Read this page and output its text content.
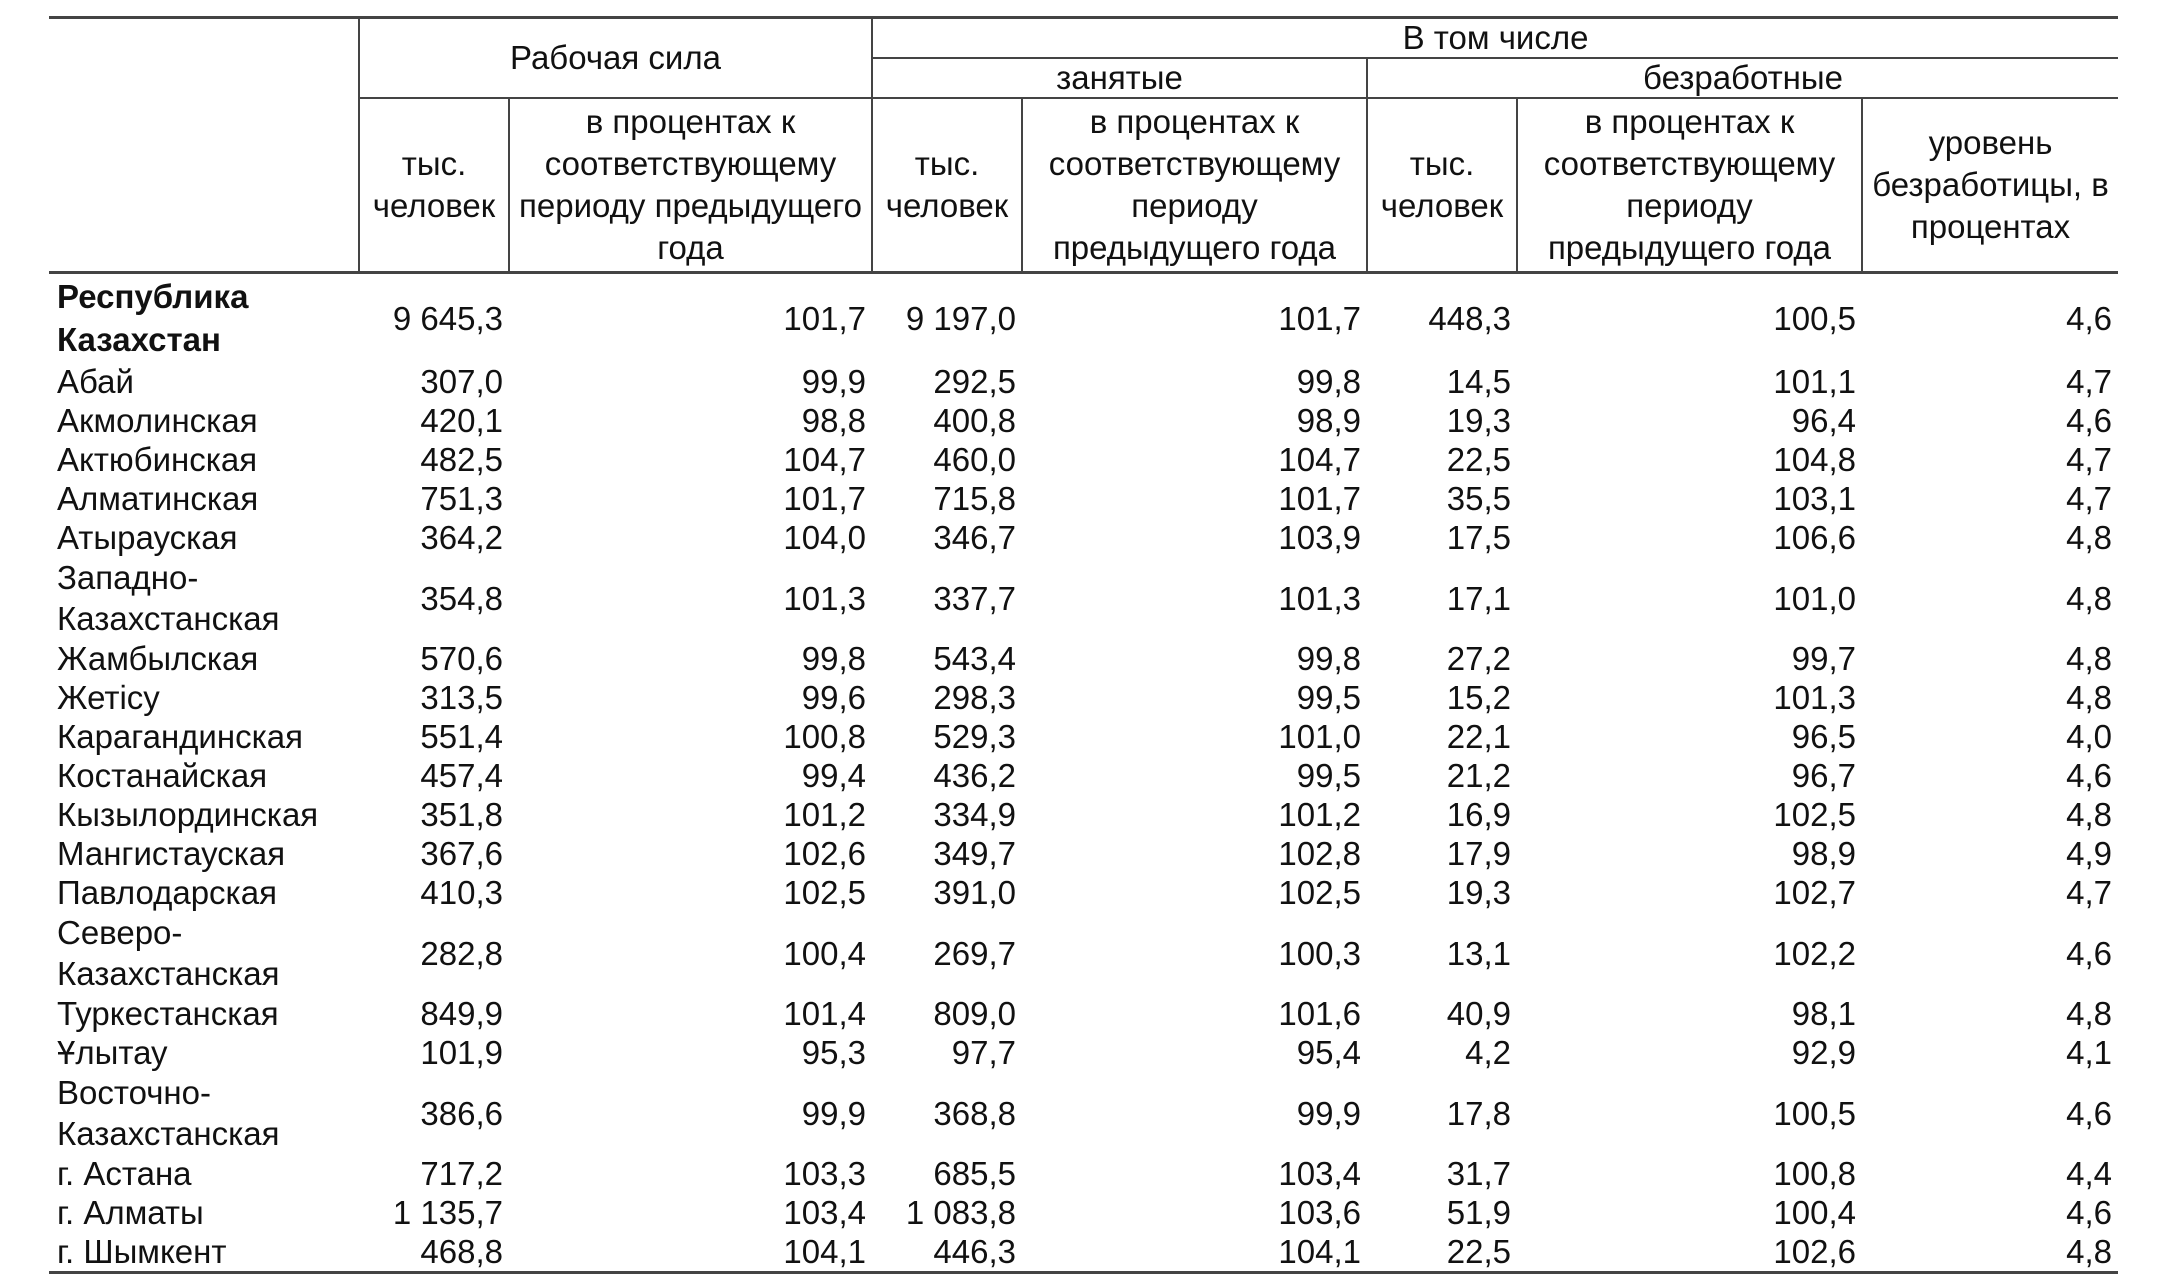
	Рабочая сила		В том числе				
			занятые		безработные		
	тыс. человек	в процентах к соответствующему периоду предыдущего года	тыс. человек	в процентах к соответствующему периоду предыдущего года	тыс. человек	в процентах к соответствующему периоду предыдущего года	уровень безработицы, в процентах
Республика Казахстан	9 645,3	101,7	9 197,0	101,7	448,3	100,5	4,6
Абай	307,0	99,9	292,5	99,8	14,5	101,1	4,7
Акмолинская	420,1	98,8	400,8	98,9	19,3	96,4	4,6
Актюбинская	482,5	104,7	460,0	104,7	22,5	104,8	4,7
Алматинская	751,3	101,7	715,8	101,7	35,5	103,1	4,7
Атырауская	364,2	104,0	346,7	103,9	17,5	106,6	4,8
Западно-Казахстанская	354,8	101,3	337,7	101,3	17,1	101,0	4,8
Жамбылская	570,6	99,8	543,4	99,8	27,2	99,7	4,8
Жетісу	313,5	99,6	298,3	99,5	15,2	101,3	4,8
Карагандинская	551,4	100,8	529,3	101,0	22,1	96,5	4,0
Костанайская	457,4	99,4	436,2	99,5	21,2	96,7	4,6
Кызылординская	351,8	101,2	334,9	101,2	16,9	102,5	4,8
Мангистауская	367,6	102,6	349,7	102,8	17,9	98,9	4,9
Павлодарская	410,3	102,5	391,0	102,5	19,3	102,7	4,7
Северо-Казахстанская	282,8	100,4	269,7	100,3	13,1	102,2	4,6
Туркестанская	849,9	101,4	809,0	101,6	40,9	98,1	4,8
Ұлытау	101,9	95,3	97,7	95,4	4,2	92,9	4,1
Восточно-Казахстанская	386,6	99,9	368,8	99,9	17,8	100,5	4,6
г. Астана	717,2	103,3	685,5	103,4	31,7	100,8	4,4
г. Алматы	1 135,7	103,4	1 083,8	103,6	51,9	100,4	4,6
г. Шымкент	468,8	104,1	446,3	104,1	22,5	102,6	4,8
